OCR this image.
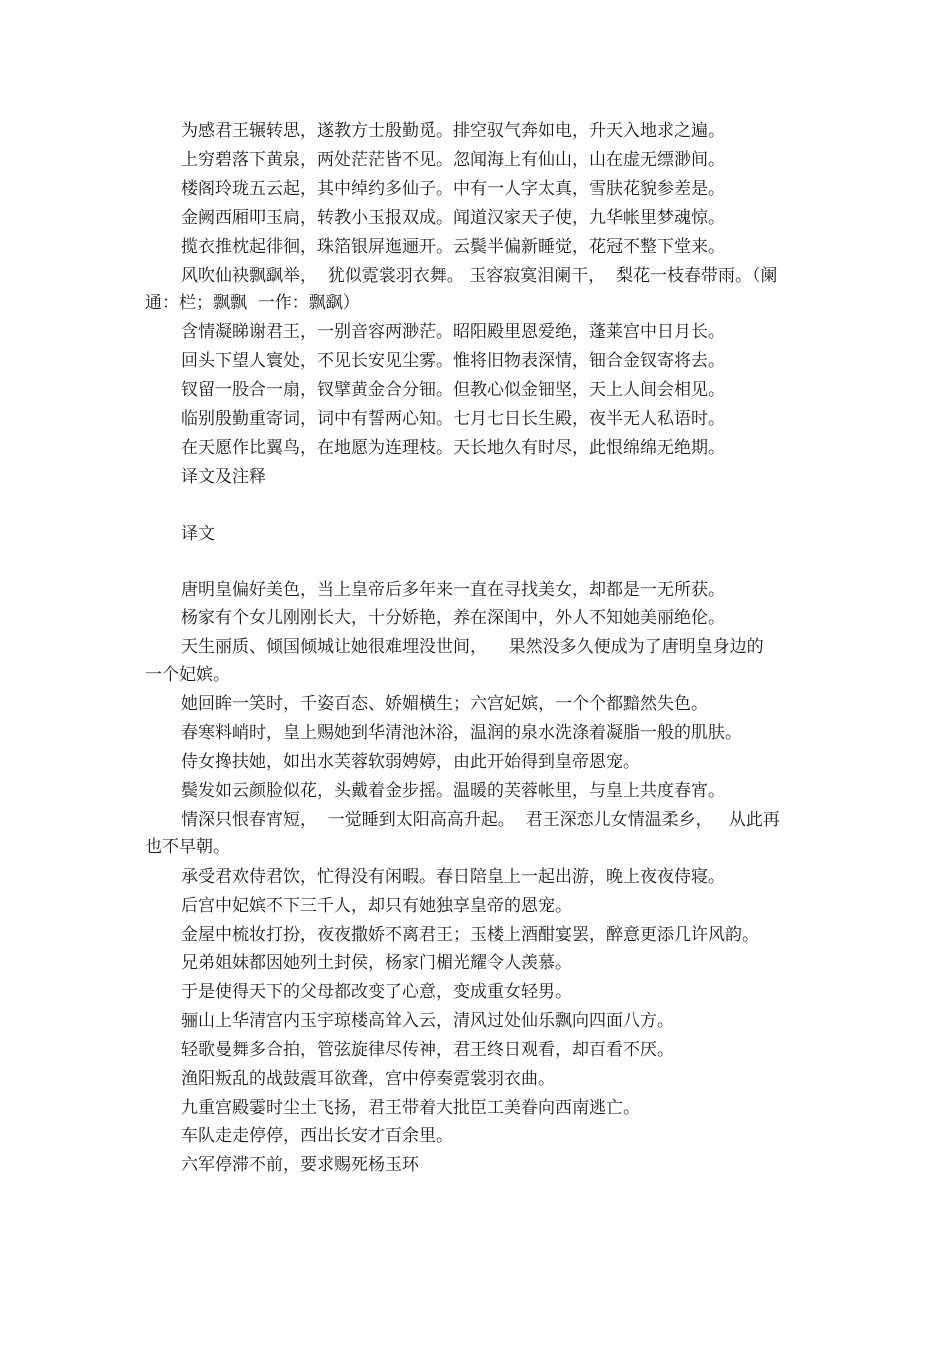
为感君王辗转思，遂教方士殷勤觅。排空驭气奔如电，升天入地求之遍。
上穷碧落下黄泉，两处茫茫皆不见。忽闻海上有仙山，山在虚无缥渺间。
楼阁玲珑五云起，其中绰约多仙子。中有一人字太真，雪肤花貌参差是。
金阙西厢叩玉扃，转教小玉报双成。闻道汉家天子使，九华帐里梦魂惊。
揽衣推枕起徘徊，珠箔银屏迤逦开。云鬓半偏新睡觉，花冠不整下堂来。
风吹仙袂飘飖举，  犹似霓裳羽衣舞。 玉容寂寞泪阑干，  梨花一枝春带雨。（阑
通：栏；飘飘  一作：飘飖）
含情凝睇谢君王，一别音容两渺茫。昭阳殿里恩爱绝，蓬莱宫中日月长。
回头下望人寰处，不见长安见尘雾。惟将旧物表深情，钿合金钗寄将去。
钗留一股合一扇，钗擘黄金合分钿。但教心似金钿坚，天上人间会相见。
临别殷勤重寄词，词中有誓两心知。七月七日长生殿，夜半无人私语时。
在天愿作比翼鸟，在地愿为连理枝。天长地久有时尽，此恨绵绵无绝期。
译文及注释
译文
唐明皇偏好美色，当上皇帝后多年来一直在寻找美女，却都是一无所获。
杨家有个女儿刚刚长大，十分娇艳，养在深闺中，外人不知她美丽绝伦。
天生丽质、倾国倾城让她很难埋没世间，    果然没多久便成为了唐明皇身边的
一个妃嫔。
她回眸一笑时，千姿百态、娇媚横生；六宫妃嫔，一个个都黯然失色。
春寒料峭时，皇上赐她到华清池沐浴，温润的泉水洗涤着凝脂一般的肌肤。
侍女搀扶她，如出水芙蓉软弱娉婷，由此开始得到皇帝恩宠。
鬓发如云颜脸似花，头戴着金步摇。温暖的芙蓉帐里，与皇上共度春宵。
情深只恨春宵短，  一觉睡到太阳高高升起。  君王深恋儿女情温柔乡，   从此再
也不早朝。
承受君欢侍君饮，忙得没有闲暇。春日陪皇上一起出游，晚上夜夜侍寝。
后宫中妃嫔不下三千人，却只有她独享皇帝的恩宠。
金屋中梳妆打扮，夜夜撒娇不离君王；玉楼上酒酣宴罢，醉意更添几许风韵。
兄弟姐妹都因她列土封侯，杨家门楣光耀令人羡慕。
于是使得天下的父母都改变了心意，变成重女轻男。
骊山上华清宫内玉宇琼楼高耸入云，清风过处仙乐飘向四面八方。
轻歌曼舞多合拍，管弦旋律尽传神，君王终日观看，却百看不厌。
渔阳叛乱的战鼓震耳欲聋，宫中停奏霓裳羽衣曲。
九重宫殿霎时尘土飞扬，君王带着大批臣工美眷向西南逃亡。
车队走走停停，西出长安才百余里。
六军停滞不前，要求赐死杨玉环
